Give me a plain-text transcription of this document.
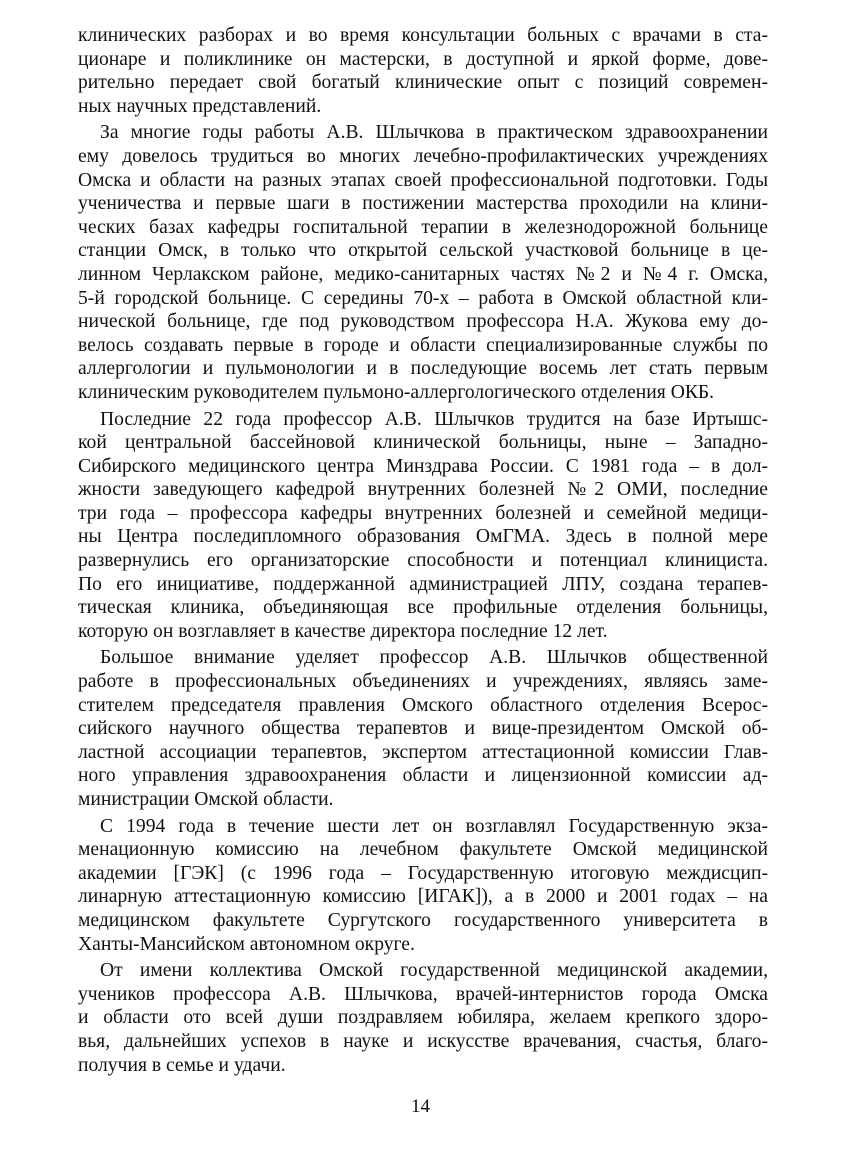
клинических разборах и во время консультации больных с врачами в ста-
ционаре и поликлинике он мастерски, в доступной и яркой форме, дове-
рительно передает свой богатый клинические опыт с позиций современ-
ных научных представлений.
За многие годы работы А.В. Шлычкова в практическом здравоохранении
ему довелось трудиться во многих лечебно-профилактических учреждениях
Омска и области на разных этапах своей профессиональной подготовки. Годы
ученичества и первые шаги в постижении мастерства проходили на клини-
ческих базах кафедры госпитальной терапии в железнодорожной больнице
станции Омск, в только что открытой сельской участковой больнице в це-
линном Черлакском районе, медико-санитарных частях №2 и №4 г. Омска,
5-й городской больнице. С середины 70-х – работа в Омской областной кли-
нической больнице, где под руководством профессора Н.А. Жукова ему до-
велось создавать первые в городе и области специализированные службы по
аллергологии и пульмонологии и в последующие восемь лет стать первым
клиническим руководителем пульмоно-аллергологического отделения ОКБ.
Последние 22 года профессор А.В. Шлычков трудится на базе Иртышс-
кой центральной бассейновой клинической больницы, ныне – Западно-
Сибирского медицинского центра Минздрава России. С 1981 года – в дол-
жности заведующего кафедрой внутренних болезней №2 ОМИ, последние
три года – профессора кафедры внутренних болезней и семейной медици-
ны Центра последипломного образования ОмГМА. Здесь в полной мере
развернулись его организаторские способности и потенциал клинициста.
По его инициативе, поддержанной администрацией ЛПУ, создана терапев-
тическая клиника, объединяющая все профильные отделения больницы,
которую он возглавляет в качестве директора последние 12 лет.
Большое внимание уделяет профессор А.В. Шлычков общественной
работе в профессиональных объединениях и учреждениях, являясь заме-
стителем председателя правления Омского областного отделения Всерос-
сийского научного общества терапевтов и вице-президентом Омской об-
ластной ассоциации терапевтов, экспертом аттестационной комиссии Глав-
ного управления здравоохранения области и лицензионной комиссии ад-
министрации Омской области.
С 1994 года в течение шести лет он возглавлял Государственную экза-
менационную комиссию на лечебном факультете Омской медицинской
академии [ГЭК] (с 1996 года – Государственную итоговую междисцип-
линарную аттестационную комиссию [ИГАК]), а в 2000 и 2001 годах – на
медицинском факультете Сургутского государственного университета в
Ханты-Мансийском автономном округе.
От имени коллектива Омской государственной медицинской академии,
учеников профессора А.В. Шлычкова, врачей-интернистов города Омска
и области ото всей души поздравляем юбиляра, желаем крепкого здоро-
вья, дальнейших успехов в науке и искусстве врачевания, счастья, благо-
получия в семье и удачи.
14
